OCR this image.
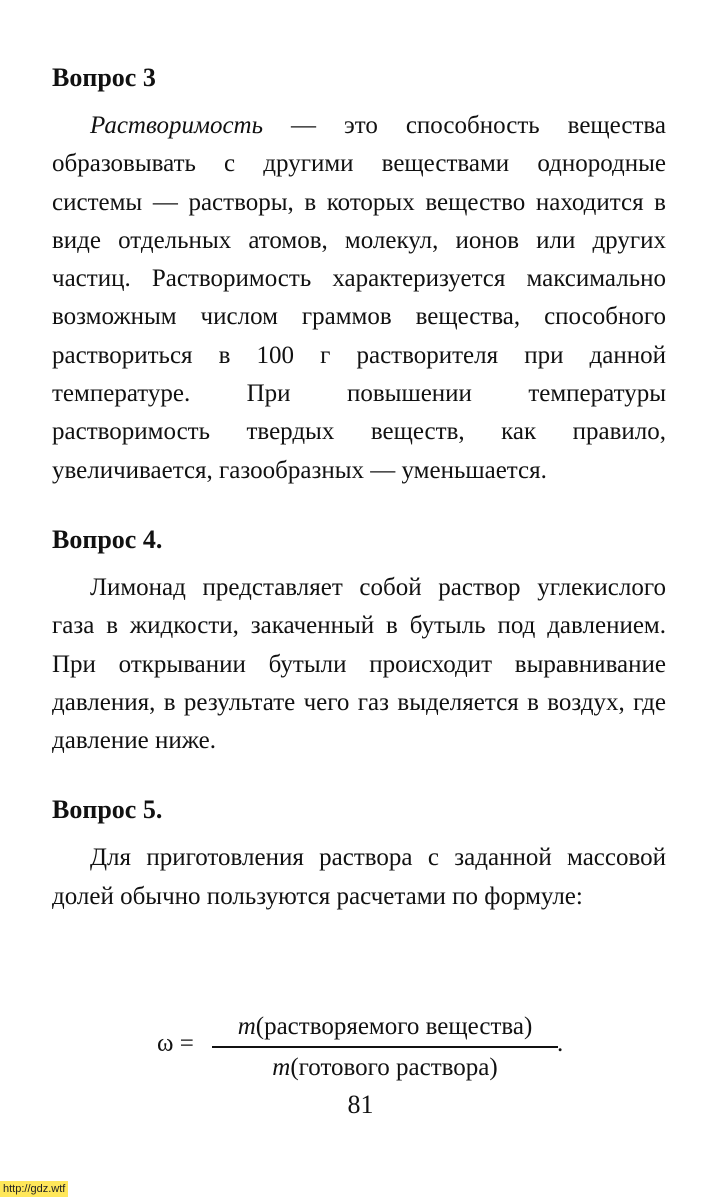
Вопрос 3

Растворимость — это способность вещества образовывать с другими веществами однородные системы — растворы, в которых вещество находится в виде отдельных атомов, молекул, ионов или других частиц. Растворимость характеризуется максимально возможным числом граммов вещества, способного раствориться в 100 г растворителя при данной температуре. При повышении температуры растворимость твердых веществ, как правило, увеличивается, газообразных — уменьшается.

Вопрос 4.

Лимонад представляет собой раствор углекислого газа в жидкости, закаченный в бутыль под давлением. При открывании бутыли происходит выравнивание давления, в результате чего газ выделяется в воздух, где давление ниже.

Вопрос 5.

Для приготовления раствора с заданной массовой долей обычно пользуются расчетами по формуле:

ω =
m(растворяемого вещества)
m(готового раствора)
.
81
http://gdz.wtf
